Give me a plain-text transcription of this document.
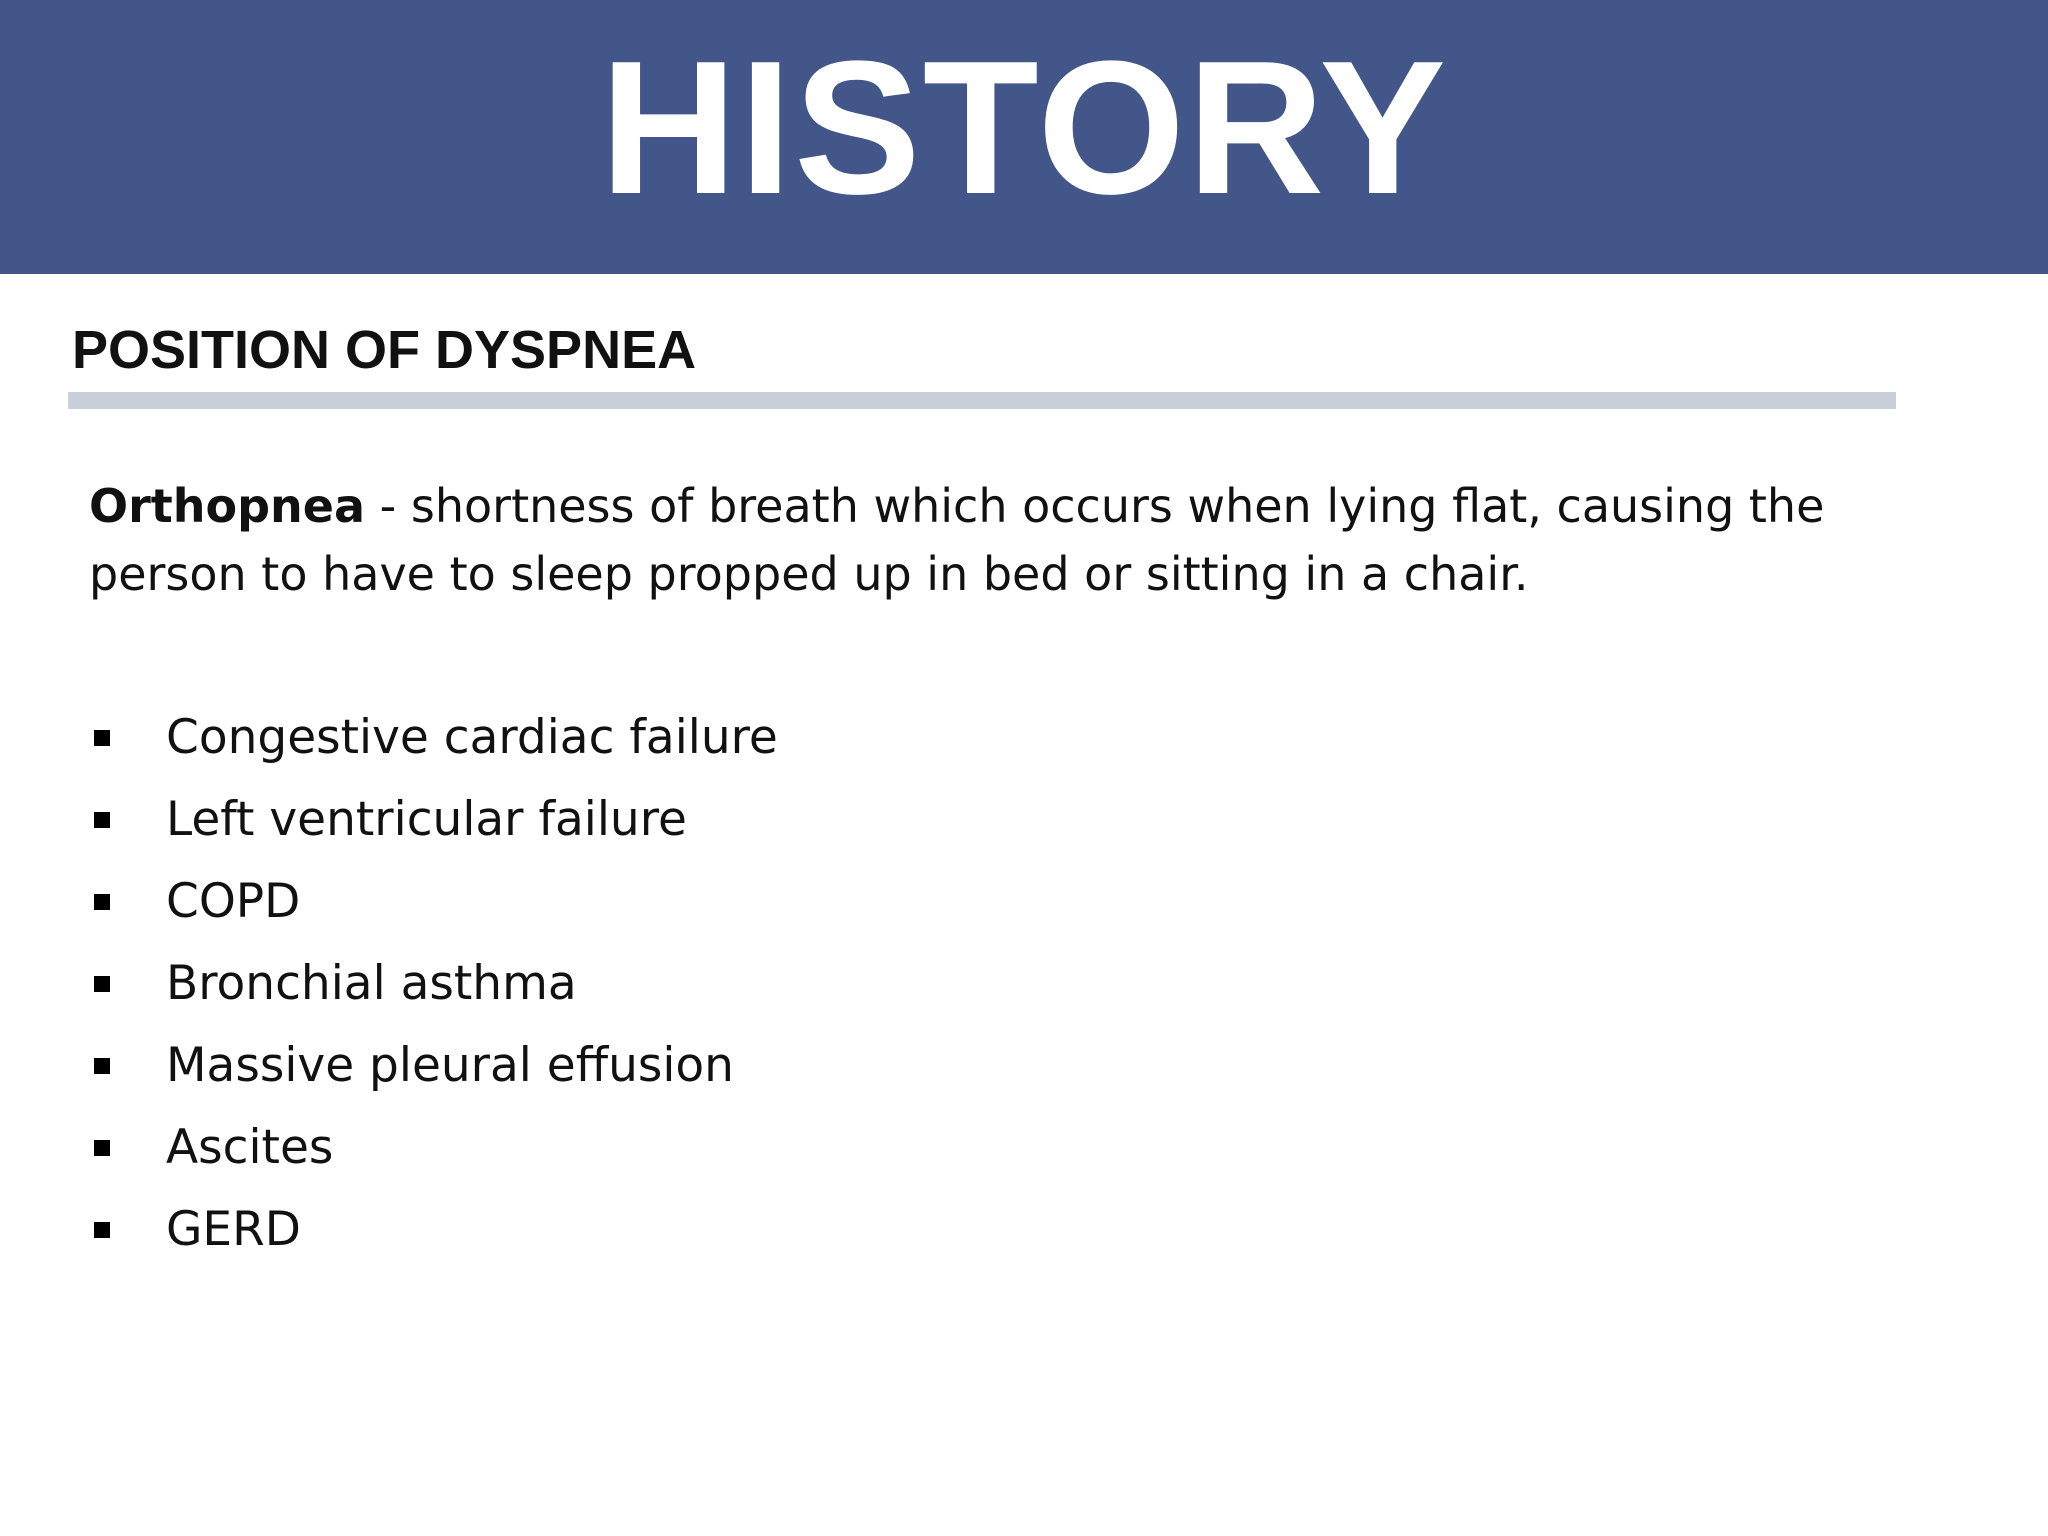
HISTORY
POSITION OF DYSPNEA
Orthopnea - shortness of breath which occurs when lying flat, causing the person to have to sleep propped up in bed or sitting in a chair.
Congestive cardiac failure
Left ventricular failure
COPD
Bronchial asthma
Massive pleural effusion
Ascites
GERD
